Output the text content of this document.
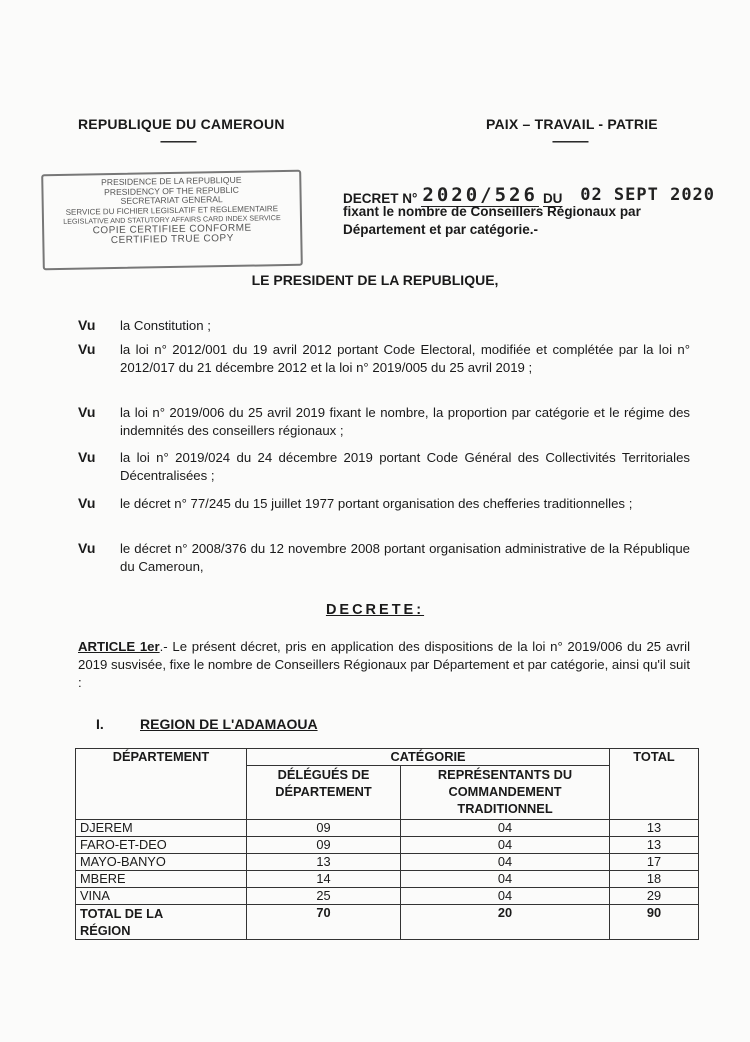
REPUBLIQUE DU CAMEROUN
------------
PAIX – TRAVAIL - PATRIE
------------
PRESIDENCE DE LA REPUBLIQUE
PRESIDENCY OF THE REPUBLIC
SECRETARIAT GENERAL
SERVICE DU FICHIER LEGISLATIF ET REGLEMENTAIRE
LEGISLATIVE AND STATUTORY AFFAIRS CARD INDEX SERVICE
COPIE CERTIFIEE CONFORME
CERTIFIED TRUE COPY
DECRET N° 2020/526 DU 02 SEPT 2020
fixant le nombre de Conseillers Régionaux par Département et par catégorie.-
LE PRESIDENT DE LA REPUBLIQUE,
Vu la Constitution ;
Vu la loi n° 2012/001 du 19 avril 2012 portant Code Electoral, modifiée et complétée par la loi n° 2012/017 du 21 décembre 2012 et la loi n° 2019/005 du 25 avril 2019 ;
Vu la loi n° 2019/006 du 25 avril 2019 fixant le nombre, la proportion par catégorie et le régime des indemnités des conseillers régionaux ;
Vu la loi n° 2019/024 du 24 décembre 2019 portant Code Général des Collectivités Territoriales Décentralisées ;
Vu le décret n° 77/245 du 15 juillet 1977 portant organisation des chefferies traditionnelles ;
Vu le décret n° 2008/376 du 12 novembre 2008 portant organisation administrative de la République du Cameroun,
DECRETE:
ARTICLE 1er.- Le présent décret, pris en application des dispositions de la loi n° 2019/006 du 25 avril 2019 susvisée, fixe le nombre de Conseillers Régionaux par Département et par catégorie, ainsi qu'il suit :
I.	REGION DE L'ADAMAOUA
DÉPARTEMENT	CATÉGORIE		TOTAL
	DÉLÉGUÉS DE DÉPARTEMENT	REPRÉSENTANTS DU COMMANDEMENT TRADITIONNEL	
DJEREM	09	04	13
FARO-ET-DEO	09	04	13
MAYO-BANYO	13	04	17
MBERE	14	04	18
VINA	25	04	29
TOTAL DE LA RÉGION	70	20	90
